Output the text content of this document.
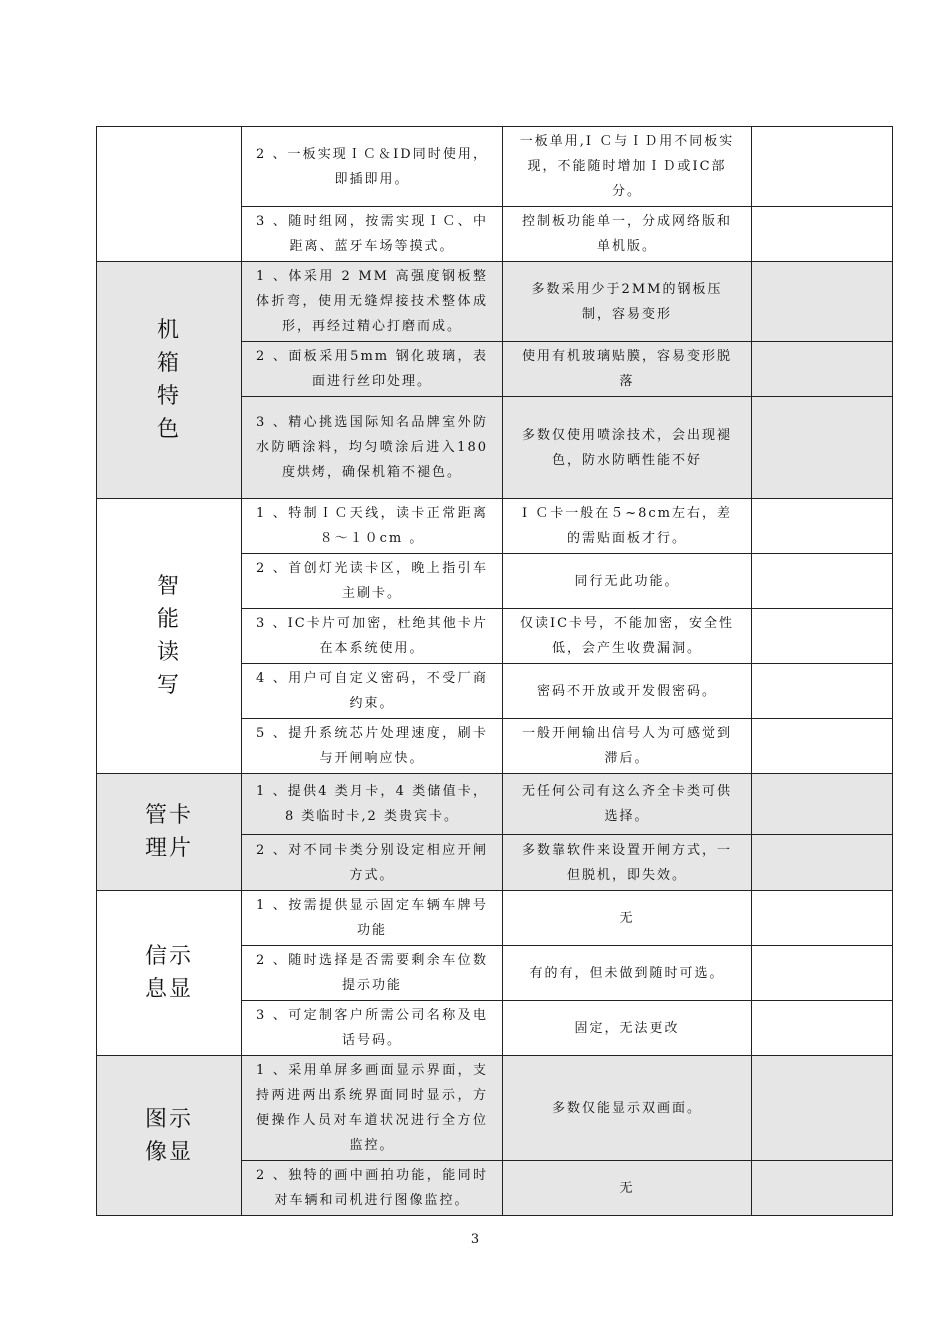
	2 、一板实现ＩＣ＆ID同时使用，即插即用。	一板单用,I Ｃ与ＩＤ用不同板实现，不能随时增加ＩＤ或IC部分。	
	3 、随时组网，按需实现ＩＣ、中距离、蓝牙车场等摸式。	控制板功能单一，分成网络版和单机版。	
机箱特色	1 、体采用 2 MM 高强度钢板整体折弯，使用无缝焊接技术整体成形，再经过精心打磨而成。	多数采用少于2MM的钢板压制，容易变形	
	2 、面板采用5mm 钢化玻璃，表面进行丝印处理。	使用有机玻璃贴膜，容易变形脱落	
	3 、精心挑选国际知名品牌室外防水防晒涂料，均匀喷涂后进入180 度烘烤，确保机箱不褪色。	多数仅使用喷涂技术，会出现褪色，防水防晒性能不好	
智能读写	1 、特制ＩＣ天线，读卡正常距离８～１０cm 。	I Ｃ卡一般在５~8cm左右，差的需贴面板才行。	
	2 、首创灯光读卡区，晚上指引车主刷卡。	同行无此功能。	
	3 、IC卡片可加密，杜绝其他卡片在本系统使用。	仅读IC卡号，不能加密，安全性低，会产生收费漏洞。	
	4 、用户可自定义密码，不受厂商约束。	密码不开放或开发假密码。	
	5 、提升系统芯片处理速度，刷卡与开闸响应快。	一般开闸输出信号人为可感觉到滞后。	
管卡理片	1 、提供4 类月卡，4 类储值卡，8 类临时卡,2 类贵宾卡。	无任何公司有这么齐全卡类可供选择。	
	2 、对不同卡类分别设定相应开闸方式。	多数靠软件来设置开闸方式，一但脱机，即失效。	
信示息显	1 、按需提供显示固定车辆车牌号功能	无	
	2 、随时选择是否需要剩余车位数提示功能	有的有，但未做到随时可选。	
	3 、可定制客户所需公司名称及电话号码。	固定，无法更改	
图示像显	1 、采用单屏多画面显示界面，支持两进两出系统界面同时显示，方便操作人员对车道状况进行全方位监控。	多数仅能显示双画面。	
	2 、独特的画中画拍功能，能同时对车辆和司机进行图像监控。	无	
3
